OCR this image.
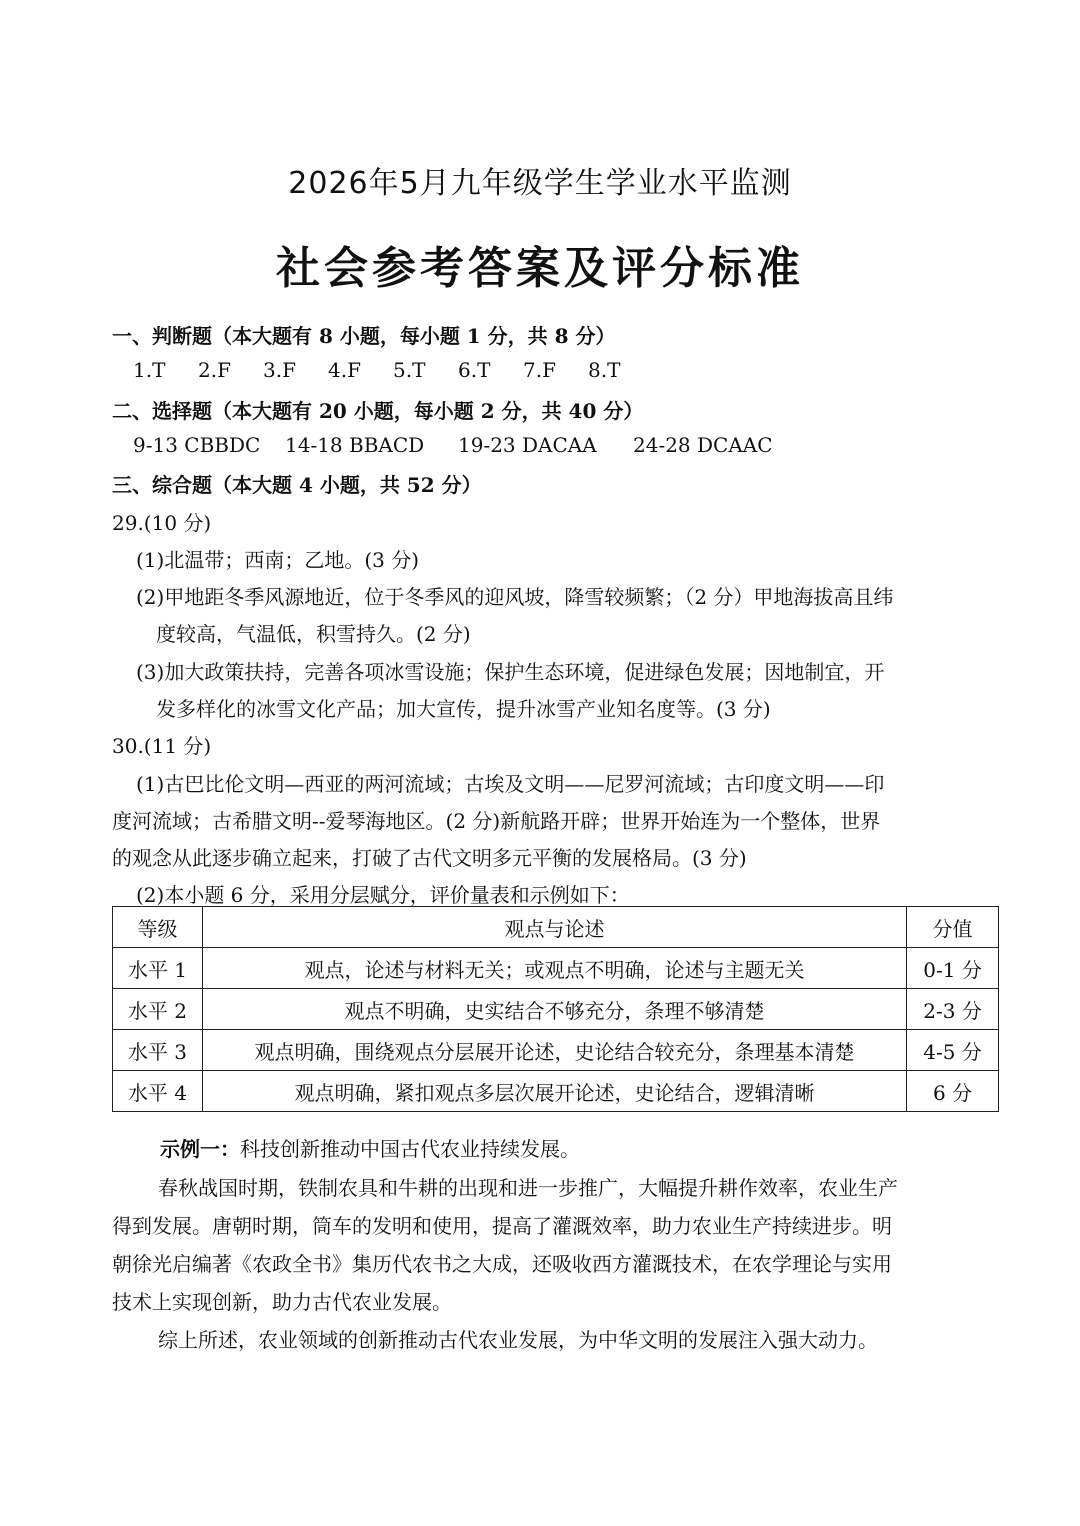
2026年5月九年级学生学业水平监测
社会参考答案及评分标准
一、判断题（本大题有 8 小题，每小题 1 分，共 8 分）
1.T 2.F 3.F 4.F 5.T 6.T 7.F 8.T
二、选择题（本大题有 20 小题，每小题 2 分，共 40 分）
9-13 CBBDC 14-18 BBACD 19-23 DACAA 24-28 DCAAC
三、综合题（本大题 4 小题，共 52 分）
29.(10 分)
(1)北温带；西南；乙地。(3 分)
(2)甲地距冬季风源地近，位于冬季风的迎风坡，降雪较频繁；（2 分）甲地海拔高且纬
度较高，气温低，积雪持久。(2 分)
(3)加大政策扶持，完善各项冰雪设施；保护生态环境，促进绿色发展；因地制宜，开
发多样化的冰雪文化产品；加大宣传，提升冰雪产业知名度等。(3 分)
30.(11 分)
(1)古巴比伦文明—西亚的两河流域；古埃及文明——尼罗河流域；古印度文明——印
度河流域；古希腊文明--爱琴海地区。(2 分)新航路开辟；世界开始连为一个整体，世界
的观念从此逐步确立起来，打破了古代文明多元平衡的发展格局。(3 分)
(2)本小题 6 分，采用分层赋分，评价量表和示例如下：
等级	观点与论述	分值
水平 1	观点，论述与材料无关；或观点不明确，论述与主题无关	0-1 分
水平 2	观点不明确，史实结合不够充分，条理不够清楚	2-3 分
水平 3	观点明确，围绕观点分层展开论述，史论结合较充分，条理基本清楚	4-5 分
水平 4	观点明确，紧扣观点多层次展开论述，史论结合，逻辑清晰	6 分
示例一：科技创新推动中国古代农业持续发展。
春秋战国时期，铁制农具和牛耕的出现和进一步推广，大幅提升耕作效率，农业生产
得到发展。唐朝时期，筒车的发明和使用，提高了灌溉效率，助力农业生产持续进步。明
朝徐光启编著《农政全书》集历代农书之大成，还吸收西方灌溉技术，在农学理论与实用
技术上实现创新，助力古代农业发展。
综上所述，农业领域的创新推动古代农业发展，为中华文明的发展注入强大动力。
